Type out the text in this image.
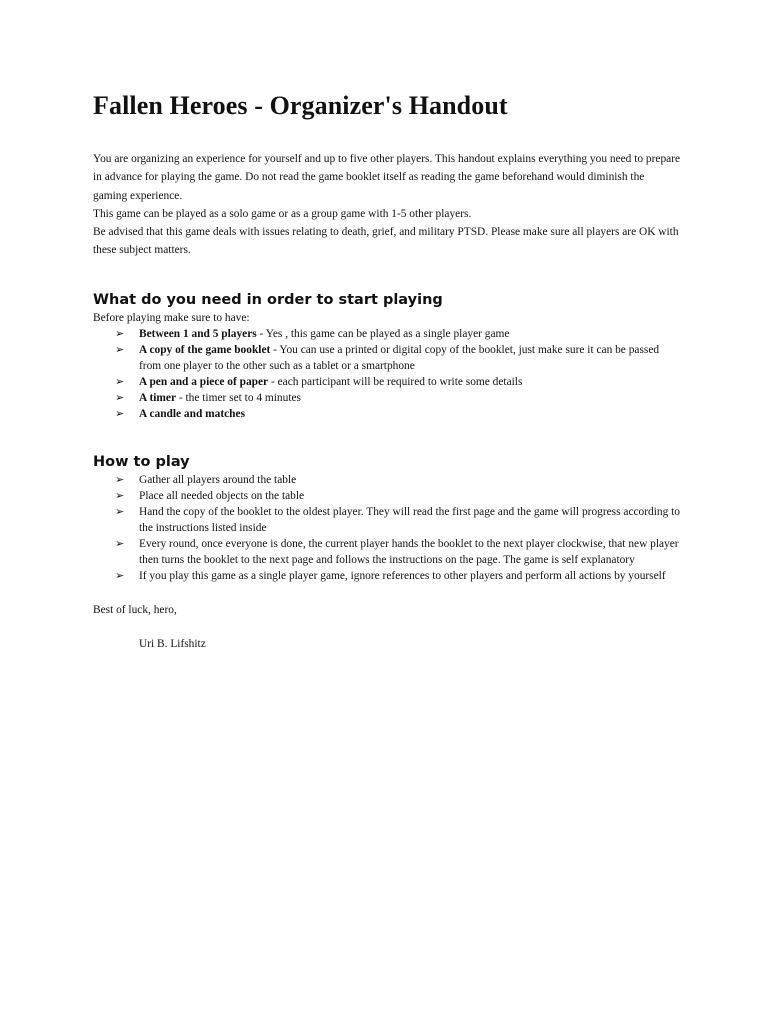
Fallen Heroes - Organizer's Handout

You are organizing an experience for yourself and up to five other players. This handout explains everything you need to prepare in advance for playing the game. Do not read the game booklet itself as reading the game beforehand would diminish the gaming experience.

This game can be played as a solo game or as a group game with 1-5 other players.

Be advised that this game deals with issues relating to death, grief, and military PTSD. Please make sure all players are OK with these subject matters.

What do you need in order to start playing

Before playing make sure to have:

➢ Between 1 and 5 players - Yes , this game can be played as a single player game
➢ A copy of the game booklet - You can use a printed or digital copy of the booklet, just make sure it can be passed from one player to the other such as a tablet or a smartphone
➢ A pen and a piece of paper - each participant will be required to write some details
➢ A timer - the timer set to 4 minutes
➢ A candle and matches
How to play
➢ Gather all players around the table
➢ Place all needed objects on the table
➢ Hand the copy of the booklet to the oldest player. They will read the first page and the game will progress according to the instructions listed inside
➢ Every round, once everyone is done, the current player hands the booklet to the next player clockwise, that new player then turns the booklet to the next page and follows the instructions on the page. The game is self explanatory
➢ If you play this game as a single player game, ignore references to other players and perform all actions by yourself

Best of luck, hero,

Uri B. Lifshitz
